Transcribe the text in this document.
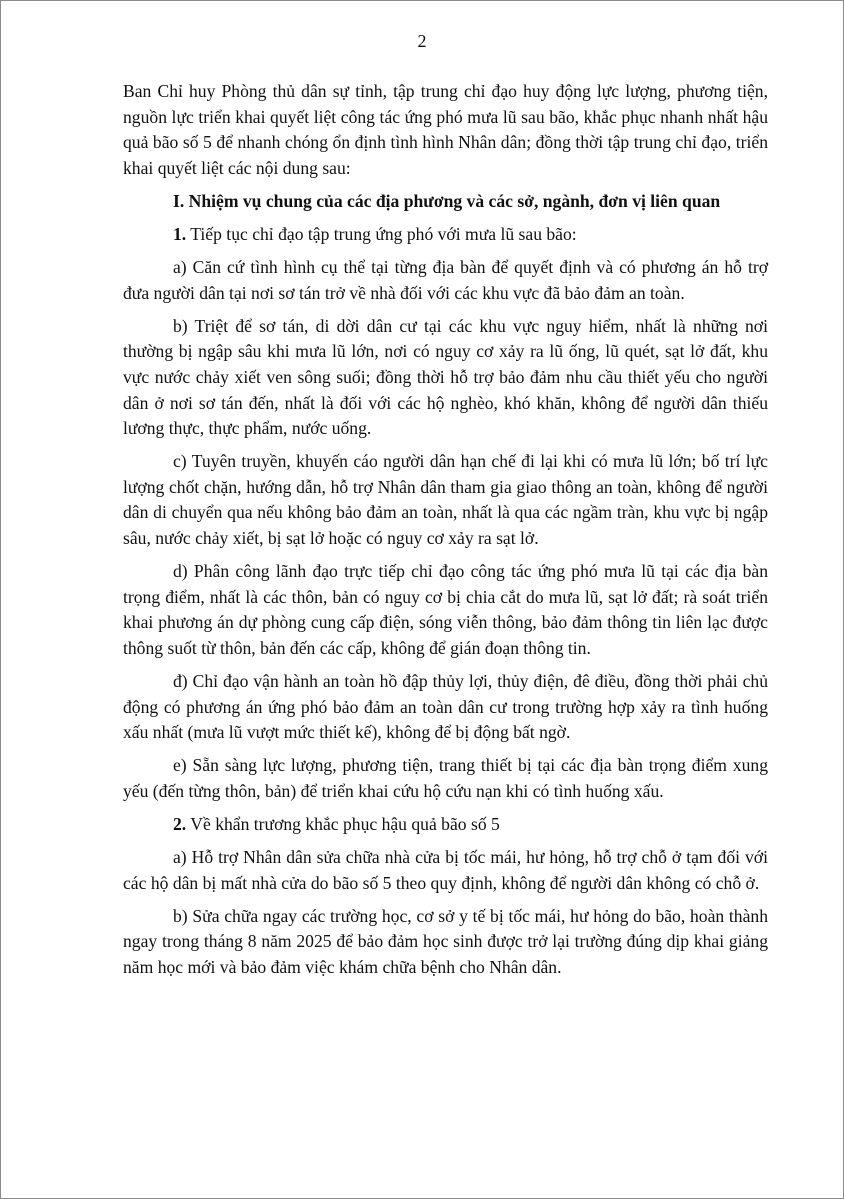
2

Ban Chỉ huy Phòng thủ dân sự tỉnh, tập trung chỉ đạo huy động lực lượng, phương tiện, nguồn lực triển khai quyết liệt công tác ứng phó mưa lũ sau bão, khắc phục nhanh nhất hậu quả bão số 5 để nhanh chóng ổn định tình hình Nhân dân; đồng thời tập trung chỉ đạo, triển khai quyết liệt các nội dung sau:

I. Nhiệm vụ chung của các địa phương và các sở, ngành, đơn vị liên quan

1. Tiếp tục chỉ đạo tập trung ứng phó với mưa lũ sau bão:

a) Căn cứ tình hình cụ thể tại từng địa bàn để quyết định và có phương án hỗ trợ đưa người dân tại nơi sơ tán trở về nhà đối với các khu vực đã bảo đảm an toàn.

b) Triệt để sơ tán, di dời dân cư tại các khu vực nguy hiểm, nhất là những nơi thường bị ngập sâu khi mưa lũ lớn, nơi có nguy cơ xảy ra lũ ống, lũ quét, sạt lở đất, khu vực nước chảy xiết ven sông suối; đồng thời hỗ trợ bảo đảm nhu cầu thiết yếu cho người dân ở nơi sơ tán đến, nhất là đối với các hộ nghèo, khó khăn, không để người dân thiếu lương thực, thực phẩm, nước uống.

c) Tuyên truyền, khuyến cáo người dân hạn chế đi lại khi có mưa lũ lớn; bố trí lực lượng chốt chặn, hướng dẫn, hỗ trợ Nhân dân tham gia giao thông an toàn, không để người dân di chuyển qua nếu không bảo đảm an toàn, nhất là qua các ngầm tràn, khu vực bị ngập sâu, nước chảy xiết, bị sạt lở hoặc có nguy cơ xảy ra sạt lở.

d) Phân công lãnh đạo trực tiếp chỉ đạo công tác ứng phó mưa lũ tại các địa bàn trọng điểm, nhất là các thôn, bản có nguy cơ bị chia cắt do mưa lũ, sạt lở đất; rà soát triển khai phương án dự phòng cung cấp điện, sóng viễn thông, bảo đảm thông tin liên lạc được thông suốt từ thôn, bản đến các cấp, không để gián đoạn thông tin.

đ) Chỉ đạo vận hành an toàn hồ đập thủy lợi, thủy điện, đê điều, đồng thời phải chủ động có phương án ứng phó bảo đảm an toàn dân cư trong trường hợp xảy ra tình huống xấu nhất (mưa lũ vượt mức thiết kế), không để bị động bất ngờ.

e) Sẵn sàng lực lượng, phương tiện, trang thiết bị tại các địa bàn trọng điểm xung yếu (đến từng thôn, bản) để triển khai cứu hộ cứu nạn khi có tình huống xấu.

2. Về khẩn trương khắc phục hậu quả bão số 5

a) Hỗ trợ Nhân dân sửa chữa nhà cửa bị tốc mái, hư hỏng, hỗ trợ chỗ ở tạm đối với các hộ dân bị mất nhà cửa do bão số 5 theo quy định, không để người dân không có chỗ ở.

b) Sửa chữa ngay các trường học, cơ sở y tế bị tốc mái, hư hỏng do bão, hoàn thành ngay trong tháng 8 năm 2025 để bảo đảm học sinh được trở lại trường đúng dịp khai giảng năm học mới và bảo đảm việc khám chữa bệnh cho Nhân dân.
